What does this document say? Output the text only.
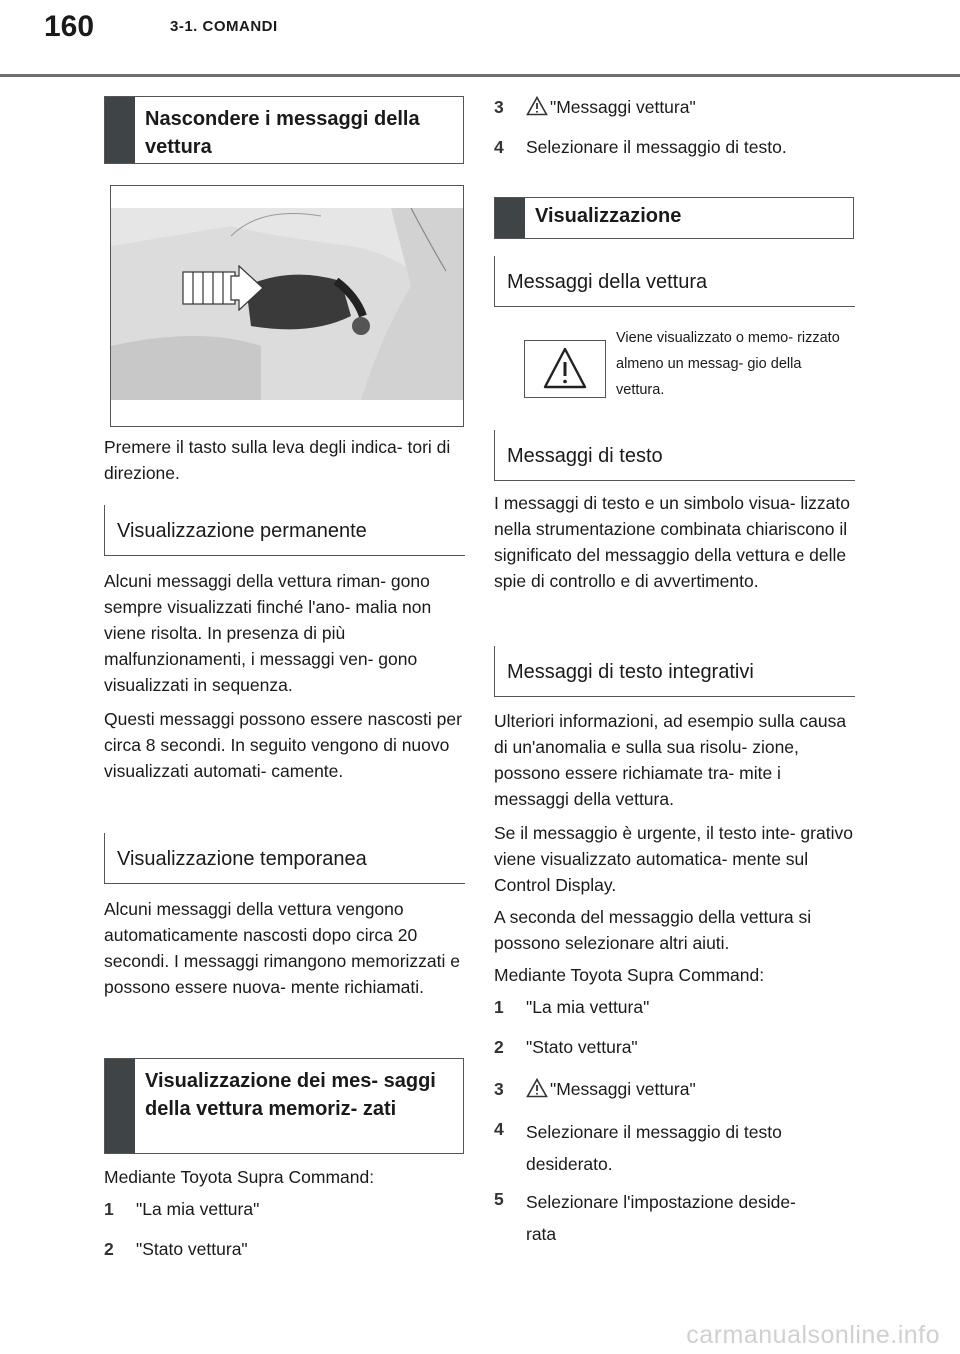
160	3-1. COMANDI
Nascondere i messaggi della vettura

Premere il tasto sulla leva degli indica- tori di direzione.

Visualizzazione permanente

Alcuni messaggi della vettura riman- gono sempre visualizzati finché l'ano- malia non viene risolta. In presenza di più malfunzionamenti, i messaggi ven- gono visualizzati in sequenza.

Questi messaggi possono essere nascosti per circa 8 secondi. In seguito vengono di nuovo visualizzati automati- camente.

Visualizzazione temporanea

Alcuni messaggi della vettura vengono automaticamente nascosti dopo circa 20 secondi. I messaggi rimangono memorizzati e possono essere nuova- mente richiamati.

Visualizzazione dei mes- saggi della vettura memoriz- zati

Mediante Toyota Supra Command:

1 "La mia vettura"
2 "Stato vettura"
3	"Messaggi vettura"
4 Selezionare il messaggio di testo.
Visualizzazione
Messaggi della vettura
Viene visualizzato o memo- rizzato almeno un messag- gio della vettura.
Messaggi di testo

I messaggi di testo e un simbolo visua- lizzato nella strumentazione combinata chiariscono il significato del messaggio della vettura e delle spie di controllo e di avvertimento.

Messaggi di testo integrativi

Ulteriori informazioni, ad esempio sulla causa di un'anomalia e sulla sua risolu- zione, possono essere richiamate tra- mite i messaggi della vettura.

Se il messaggio è urgente, il testo inte- grativo viene visualizzato automatica- mente sul Control Display.

A seconda del messaggio della vettura si possono selezionare altri aiuti.

Mediante Toyota Supra Command:

1 "La mia vettura"
2 "Stato vettura"
3	"Messaggi vettura"
4 Selezionare il messaggio di testo desiderato.
5 Selezionare l'impostazione deside- rata
carmanualsonline.info
